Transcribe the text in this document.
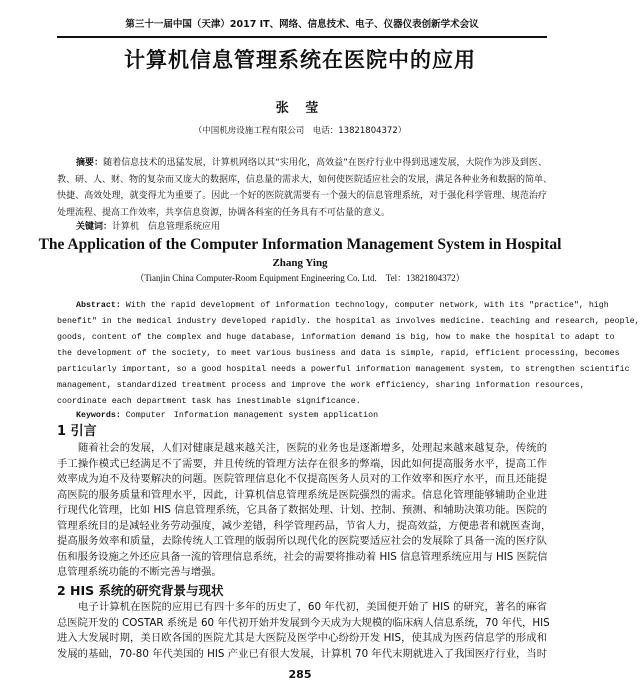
第三十一届中国（天津）2017 IT、网络、信息技术、电子、仪器仪表创新学术会议
计算机信息管理系统在医院中的应用
张 莹
（中国机房设施工程有限公司　电话：13821804372）
摘要：随着信息技术的迅猛发展，计算机网络以其“实用化，高效益”在医疗行业中得到迅速发展，大院作为涉及到医、
教、研、人、财、物的复杂而又庞大的数据库，信息量的需求大，如何使医院适应社会的发展，满足各种业务和数据的简单、
快捷、高效处理，就变得尤为重要了。因此一个好的医院就需要有一个强大的信息管理系统，对于强化科学管理、规范治疗
处理流程、提高工作效率，共享信息资源，协调各科室的任务具有不可估量的意义。
关键词：计算机　信息管理系统应用
The Application of the Computer Information Management System in Hospital
Zhang Ying
（Tianjin China Computer-Room Equipment Engineering Co. Ltd.　Tel：13821804372）
Abstract: With the rapid development of information technology, computer network, with its "practice", high
benefit" in the medical industry developed rapidly. the hospital as involves medicine. teaching and research, people,
goods, content of the complex and huge database, information demand is big, how to make the hospital to adapt to
the development of the society, to meet various business and data is simple, rapid, efficient processing, becomes
particularly important, so a good hospital needs a powerful information management system, to strengthen scientific
management, standardized treatment process and improve the work efficiency, sharing information resources,
coordinate each department task has inestimable significance.
Keywords: Computer　Information management system application
1 引言
随着社会的发展，人们对健康是越来越关注，医院的业务也是逐渐增多，处理起来越来越复杂，传统的
手工操作模式已经满足不了需要，并且传统的管理方法存在很多的弊端，因此如何提高服务水平，提高工作
效率成为迫不及待要解决的问题。医院管理信息化不仅提高医务人员对的工作效率和医疗水平，而且还能提
高医院的服务质量和管理水平，因此，计算机信息管理系统是医院强烈的需求。信息化管理能够辅助企业进
行现代化管理，比如 HIS 信息管理系统，它具备了数据处理、计划、控制、预测、和辅助决策功能。医院的
管理系统目的是减轻业务劳动强度，减少差错，科学管理药品，节省人力，提高效益，方便患者和就医查询，
提高服务效率和质量，去除传统人工管理的版弱所以现代化的医院要适应社会的发展除了具备一流的医疗队
伍和服务设施之外还应具备一流的管理信息系统，社会的需要将推动着 HIS 信息管理系统应用与 HIS 医院信
息管理系统功能的不断完善与增强。
2 HIS 系统的研究背景与现状
电子计算机在医院的应用已有四十多年的历史了，60 年代初，美国便开始了 HIS 的研究，著名的麻省
总医院开发的 COSTAR 系统是 60 年代初开始并发展到今天成为大规模的临床病人信息系统，70 年代，HIS
进入大发展时期，美日欧各国的医院尤其是大医院及医学中心纷纷开发 HIS，使其成为医药信息学的形成和
发展的基础，70-80 年代美国的 HIS 产业已有很大发展，计算机 70 年代末期就进入了我国医疗行业，当时
285
